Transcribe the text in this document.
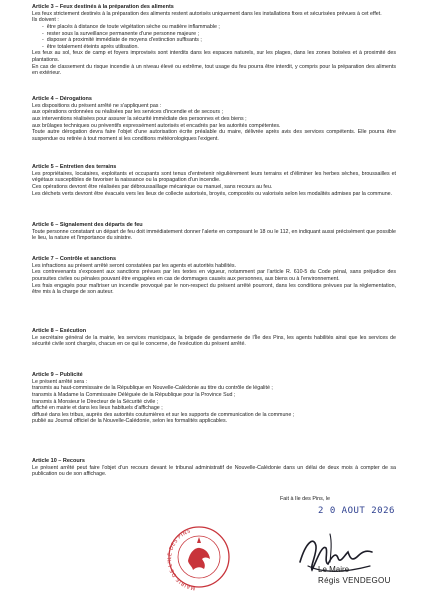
Article 3 – Feux destinés à la préparation des aliments

Les feux strictement destinés à la préparation des aliments restent autorisés uniquement dans les installations fixes et sécurisées prévues à cet effet.

Ils doivent :

-  être placés à distance de toute végétation sèche ou matière inflammable ;

-  rester sous la surveillance permanente d'une personne majeure ;

-  disposer à proximité immédiate de moyens d'extinction suffisants ;

-  être totalement éteints après utilisation.

Les feux au sol, feux de camp et foyers improvisés sont interdits dans les espaces naturels, sur les plages, dans les zones boisées et à proximité des plantations.

En cas de classement du risque incendie à un niveau élevé ou extrême, tout usage du feu pourra être interdit, y compris pour la préparation des aliments en extérieur.

Article 4 – Dérogations

Les dispositions du présent arrêté ne s'appliquent pas :

aux opérations ordonnées ou réalisées par les services d'incendie et de secours ;

aux interventions réalisées pour assurer la sécurité immédiate des personnes et des biens ;

aux brûlages techniques ou préventifs expressément autorisés et encadrés par les autorités compétentes.

Toute autre dérogation devra faire l'objet d'une autorisation écrite préalable du maire, délivrée après avis des services compétents. Elle pourra être suspendue ou retirée à tout moment si les conditions météorologiques l'exigent.

Article 5 – Entretien des terrains

Les propriétaires, locataires, exploitants et occupants sont tenus d'entretenir régulièrement leurs terrains et d'éliminer les herbes sèches, broussailles et végétaux susceptibles de favoriser la naissance ou la propagation d'un incendie.

Ces opérations devront être réalisées par débroussaillage mécanique ou manuel, sans recours au feu.

Les déchets verts devront être évacués vers les lieux de collecte autorisés, broyés, compostés ou valorisés selon les modalités admises par la commune.

Article 6 – Signalement des départs de feu

Toute personne constatant un départ de feu doit immédiatement donner l'alerte en composant le 18 ou le 112, en indiquant aussi précisément que possible le lieu, la nature et l'importance du sinistre.

Article 7 – Contrôle et sanctions

Les infractions au présent arrêté seront constatées par les agents et autorités habilités.

Les contrevenants s'exposent aux sanctions prévues par les textes en vigueur, notamment par l'article R. 610-5 du Code pénal, sans préjudice des poursuites civiles ou pénales pouvant être engagées en cas de dommages causés aux personnes, aux biens ou à l'environnement.

Les frais engagés pour maîtriser un incendie provoqué par le non-respect du présent arrêté pourront, dans les conditions prévues par la réglementation, être mis à la charge de son auteur.

Article 8 – Exécution

Le secrétaire général de la mairie, les services municipaux, la brigade de gendarmerie de l'Île des Pins, les agents habilités ainsi que les services de sécurité civile sont chargés, chacun en ce qui le concerne, de l'exécution du présent arrêté.

Article 9 – Publicité

Le présent arrêté sera :

transmis au haut-commissaire de la République en Nouvelle-Calédonie au titre du contrôle de légalité ;

transmis à Madame la Commissaire Déléguée de la République pour la Province Sud ;

transmis à Monsieur le Directeur de la Sécurité civile ;

affiché en mairie et dans les lieux habituels d'affichage ;

diffusé dans les tribus, auprès des autorités coutumières et sur les supports de communication de la commune ;

publié au Journal officiel de la Nouvelle-Calédonie, selon les formalités applicables.

Article 10 – Recours

Le présent arrêté peut faire l'objet d'un recours devant le tribunal administratif de Nouvelle-Calédonie dans un délai de deux mois à compter de sa publication ou de son affichage.

Fait à Ile des Pins, le
2 0 AOUT 2026
MAIRIE DE L'ILE DES PINS
Le Maire
Régis VENDEGOU
